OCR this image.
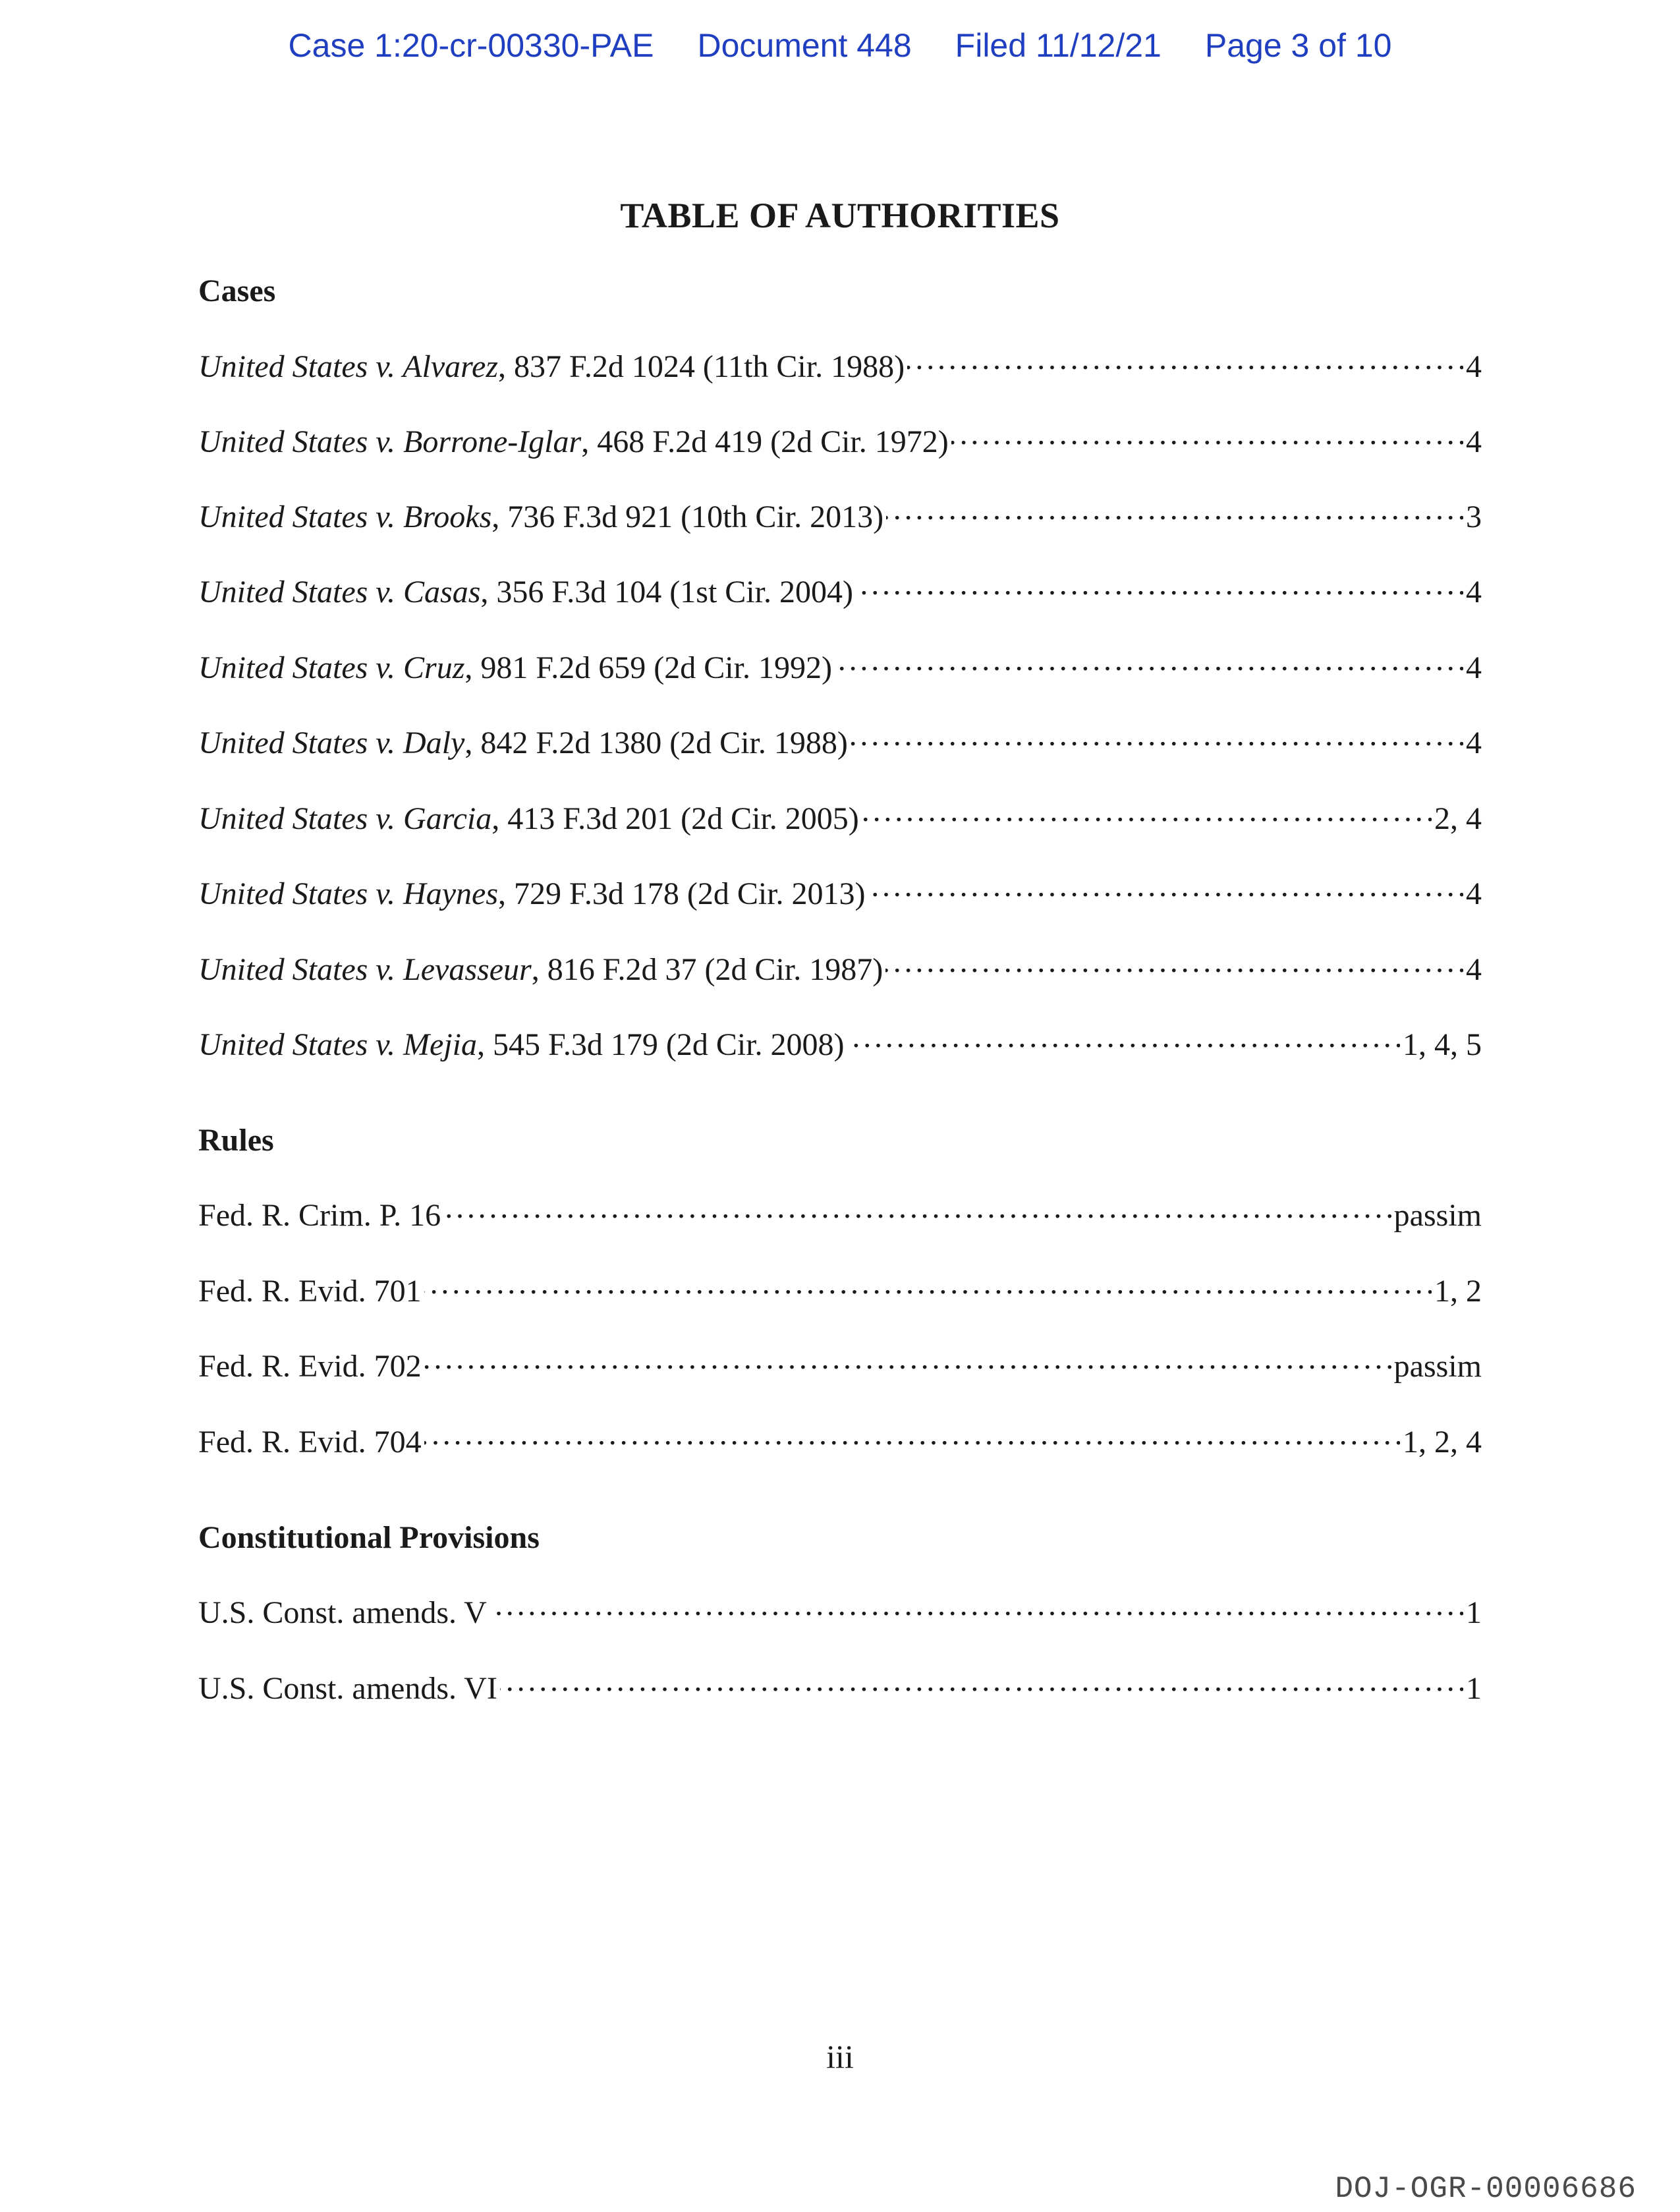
Case 1:20-cr-00330-PAE Document 448 Filed 11/12/21 Page 3 of 10
TABLE OF AUTHORITIES
Cases
United States v. Alvarez, 837 F.2d 1024 (11th Cir. 1988) . . .	4
United States v. Borrone-Iglar, 468 F.2d 419 (2d Cir. 1972) . . .	4
United States v. Brooks, 736 F.3d 921 (10th Cir. 2013) . . .	3
United States v. Casas, 356 F.3d 104 (1st Cir. 2004) . . .	4
United States v. Cruz, 981 F.2d 659 (2d Cir. 1992) . . .	4
United States v. Daly, 842 F.2d 1380 (2d Cir. 1988) . . .	4
United States v. Garcia, 413 F.3d 201 (2d Cir. 2005) . . .	2, 4
United States v. Haynes, 729 F.3d 178 (2d Cir. 2013) . . .	4
United States v. Levasseur, 816 F.2d 37 (2d Cir. 1987) . . .	4
United States v. Mejia, 545 F.3d 179 (2d Cir. 2008) . . .	1, 4, 5
Rules
Fed. R. Crim. P. 16 . . .	passim
Fed. R. Evid. 701 . . .	1, 2
Fed. R. Evid. 702 . . .	passim
Fed. R. Evid. 704 . . .	1, 2, 4
Constitutional Provisions
U.S. Const. amends. V . . .	1
U.S. Const. amends. VI . . .	1
iii
DOJ-OGR-00006686
